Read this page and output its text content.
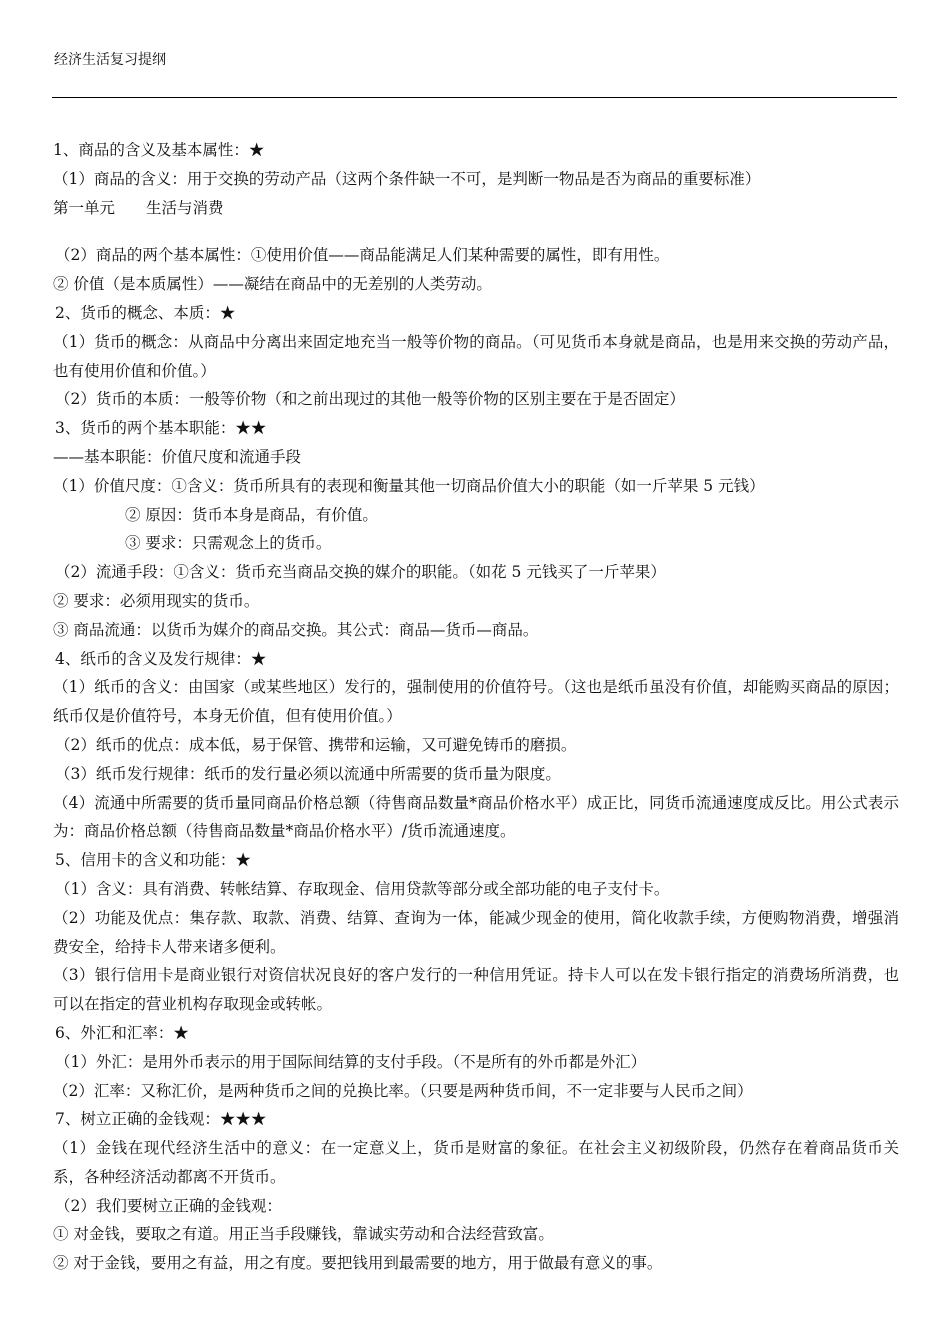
经济生活复习提纲
1、商品的含义及基本属性：★
（1）商品的含义：用于交换的劳动产品（这两个条件缺一不可，是判断一物品是否为商品的重要标准）
第一单元　　生活与消费
（2）商品的两个基本属性：①使用价值——商品能满足人们某种需要的属性，即有用性。
② 价值（是本质属性）——凝结在商品中的无差别的人类劳动。
2、货币的概念、本质：★
（1）货币的概念：从商品中分离出来固定地充当一般等价物的商品。（可见货币本身就是商品，也是用来交换的劳动产品，也有使用价值和价值。）
（2）货币的本质：一般等价物（和之前出现过的其他一般等价物的区别主要在于是否固定）
3、货币的两个基本职能：★★
——基本职能：价值尺度和流通手段
（1）价值尺度：①含义：货币所具有的表现和衡量其他一切商品价值大小的职能（如一斤苹果 5 元钱）
② 原因：货币本身是商品，有价值。
③ 要求：只需观念上的货币。
（2）流通手段：①含义：货币充当商品交换的媒介的职能。（如花 5 元钱买了一斤苹果）
② 要求：必须用现实的货币。
③ 商品流通：以货币为媒介的商品交换。其公式：商品—货币—商品。
4、纸币的含义及发行规律：★
（1）纸币的含义：由国家（或某些地区）发行的，强制使用的价值符号。（这也是纸币虽没有价值，却能购买商品的原因；纸币仅是价值符号，本身无价值，但有使用价值。）
（2）纸币的优点：成本低，易于保管、携带和运输，又可避免铸币的磨损。
（3）纸币发行规律：纸币的发行量必须以流通中所需要的货币量为限度。
（4）流通中所需要的货币量同商品价格总额（待售商品数量*商品价格水平）成正比，同货币流通速度成反比。用公式表示为：商品价格总额（待售商品数量*商品价格水平）/货币流通速度。
5、信用卡的含义和功能：★
（1）含义：具有消费、转帐结算、存取现金、信用贷款等部分或全部功能的电子支付卡。
（2）功能及优点：集存款、取款、消费、结算、查询为一体，能减少现金的使用，简化收款手续，方便购物消费，增强消费安全，给持卡人带来诸多便利。
（3）银行信用卡是商业银行对资信状况良好的客户发行的一种信用凭证。持卡人可以在发卡银行指定的消费场所消费，也可以在指定的营业机构存取现金或转帐。
6、外汇和汇率：★
（1）外汇：是用外币表示的用于国际间结算的支付手段。（不是所有的外币都是外汇）
（2）汇率：又称汇价，是两种货币之间的兑换比率。（只要是两种货币间，不一定非要与人民币之间）
7、树立正确的金钱观：★★★
（1）金钱在现代经济生活中的意义：在一定意义上，货币是财富的象征。在社会主义初级阶段，仍然存在着商品货币关系，各种经济活动都离不开货币。
（2）我们要树立正确的金钱观：
① 对金钱，要取之有道。用正当手段赚钱，靠诚实劳动和合法经营致富。
② 对于金钱，要用之有益，用之有度。要把钱用到最需要的地方，用于做最有意义的事。
